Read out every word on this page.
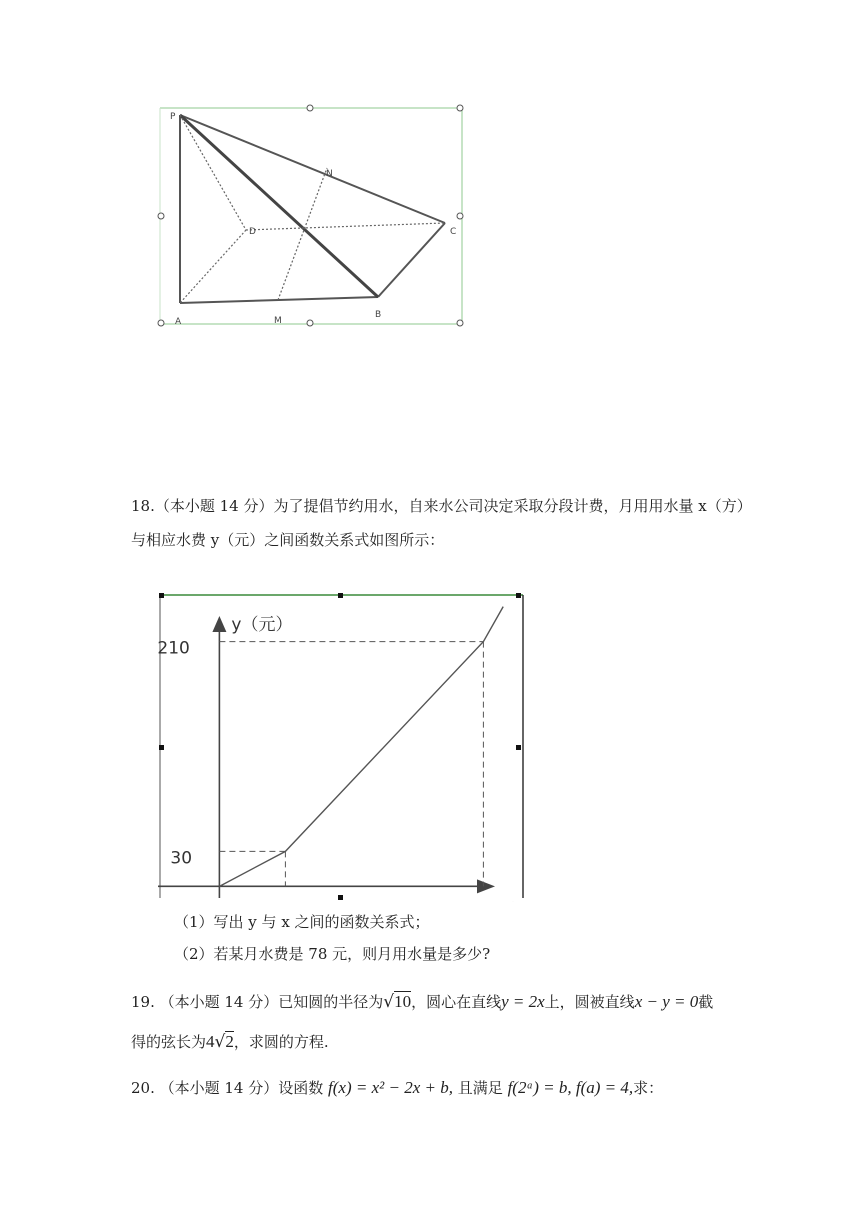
P
N
D	C
A	M
B
18.（本小题 14 分）为了提倡节约用水，自来水公司决定采取分段计费，月用用水量 x（方）
与相应水费 y（元）之间函数关系式如图所示：
y（元）
30
210
（1）写出 y 与 x 之间的函数关系式；
（2）若某月水费是 78 元，则月用水量是多少?
19. （本小题 14 分）已知圆的半径为√10，圆心在直线y = 2x上，圆被直线x − y = 0截
得的弦长为4√2，求圆的方程.
20. （本小题 14 分）设函数 f(x) = x² − 2x + b, 且满足 f(2ᵃ) = b, f(a) = 4,求：
